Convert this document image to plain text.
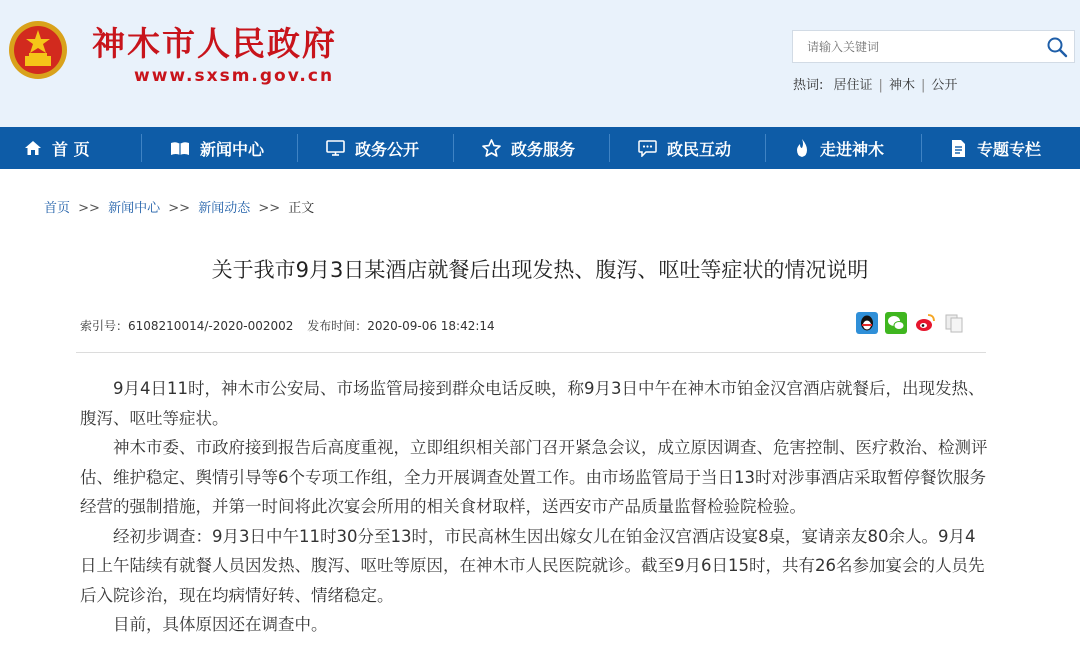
神木市人民政府
www.sxsm.gov.cn
请输入关键词	热词: 居住证 | 神木 | 公开
首 页	新闻中心	政务公开	政务服务	政民互动	走进神木	专题专栏
首页 >> 新闻中心 >> 新闻动态 >> 正文
关于我市9月3日某酒店就餐后出现发热、腹泻、呕吐等症状的情况说明
索引号：6108210014/-2020-002002 发布时间：2020-09-06 18:42:14

9月4日11时，神木市公安局、市场监管局接到群众电话反映，称9月3日中午在神木市铂金汉宫酒店就餐后，出现发热、腹泻、呕吐等症状。

神木市委、市政府接到报告后高度重视，立即组织相关部门召开紧急会议，成立原因调查、危害控制、医疗救治、检测评估、维护稳定、舆情引导等6个专项工作组，全力开展调查处置工作。由市场监管局于当日13时对涉事酒店采取暂停餐饮服务经营的强制措施，并第一时间将此次宴会所用的相关食材取样，送西安市产品质量监督检验院检验。

经初步调查：9月3日中午11时30分至13时，市民高林生因出嫁女儿在铂金汉宫酒店设宴8桌，宴请亲友80余人。9月4 日上午陆续有就餐人员因发热、腹泻、呕吐等原因，在神木市人民医院就诊。截至9月6日15时，共有26名参加宴会的人员先后入院诊治，现在均病情好转、情绪稳定。

目前，具体原因还在调查中。
